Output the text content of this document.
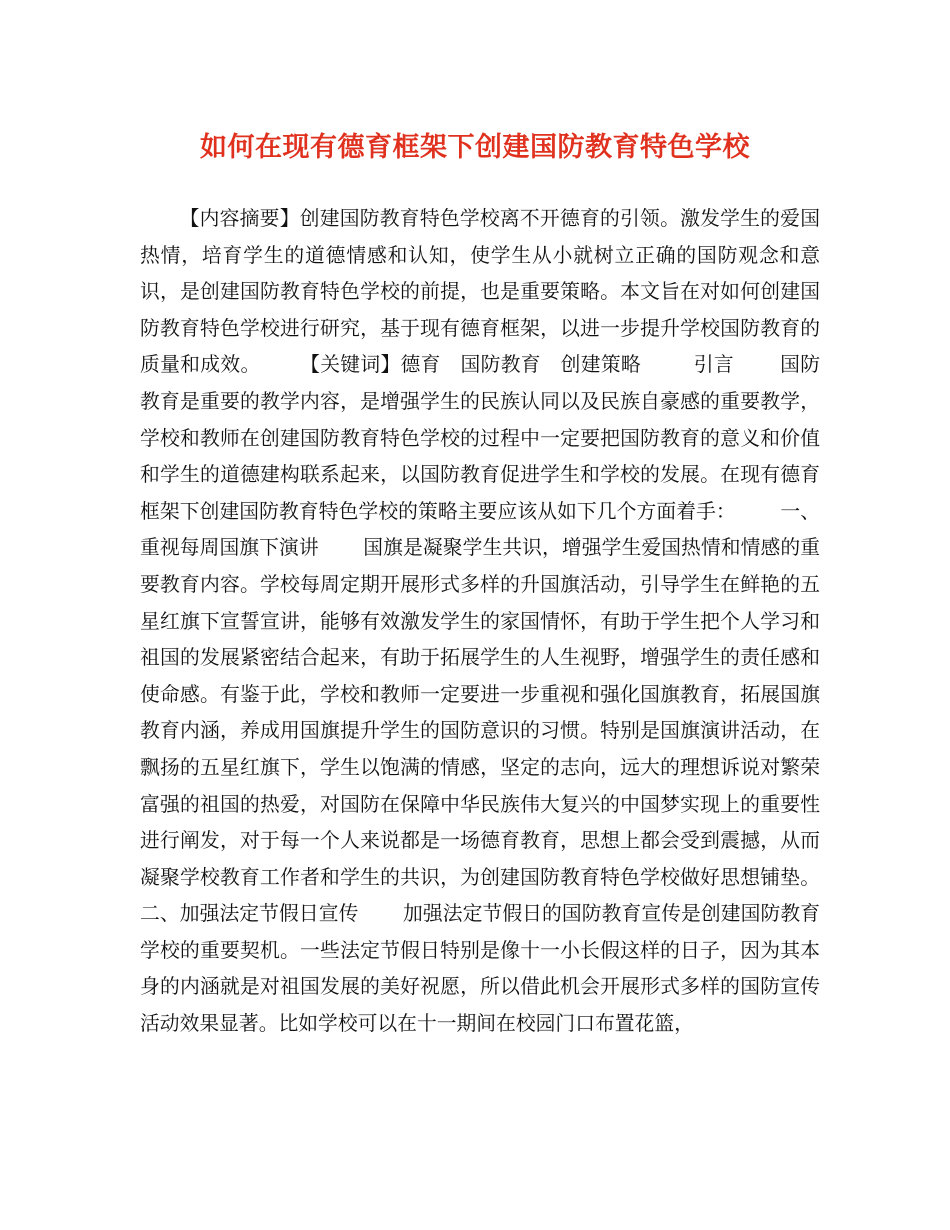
如何在现有德育框架下创建国防教育特色学校

【内容摘要】创建国防教育特色学校离不开德育的引领。激发学生的爱国热情，培育学生的道德情感和认知，使学生从小就树立正确的国防观念和意识，是创建国防教育特色学校的前提，也是重要策略。本文旨在对如何创建国防教育特色学校进行研究，基于现有德育框架，以进一步提升学校国防教育的质量和成效。      【关键词】德育   国防教育   创建策略        引言       国防教育是重要的教学内容，是增强学生的民族认同以及民族自豪感的重要教学，学校和教师在创建国防教育特色学校的过程中一定要把国防教育的意义和价值和学生的道德建构联系起来，以国防教育促进学生和学校的发展。在现有德育框架下创建国防教育特色学校的策略主要应该从如下几个方面着手：       一、重视每周国旗下演讲       国旗是凝聚学生共识，增强学生爱国热情和情感的重要教育内容。学校每周定期开展形式多样的升国旗活动，引导学生在鲜艳的五星红旗下宣誓宣讲，能够有效激发学生的家国情怀，有助于学生把个人学习和祖国的发展紧密结合起来，有助于拓展学生的人生视野，增强学生的责任感和使命感。有鉴于此，学校和教师一定要进一步重视和强化国旗教育，拓展国旗教育内涵，养成用国旗提升学生的国防意识的习惯。特别是国旗演讲活动，在飘扬的五星红旗下，学生以饱满的情感，坚定的志向，远大的理想诉说对繁荣富强的祖国的热爱，对国防在保障中华民族伟大复兴的中国梦实现上的重要性进行阐发，对于每一个人来说都是一场德育教育，思想上都会受到震撼，从而凝聚学校教育工作者和学生的共识，为创建国防教育特色学校做好思想铺垫。       二、加强法定节假日宣传       加强法定节假日的国防教育宣传是创建国防教育学校的重要契机。一些法定节假日特别是像十一小长假这样的日子，因为其本身的内涵就是对祖国发展的美好祝愿，所以借此机会开展形式多样的国防宣传活动效果显著。比如学校可以在十一期间在校园门口布置花篮，
